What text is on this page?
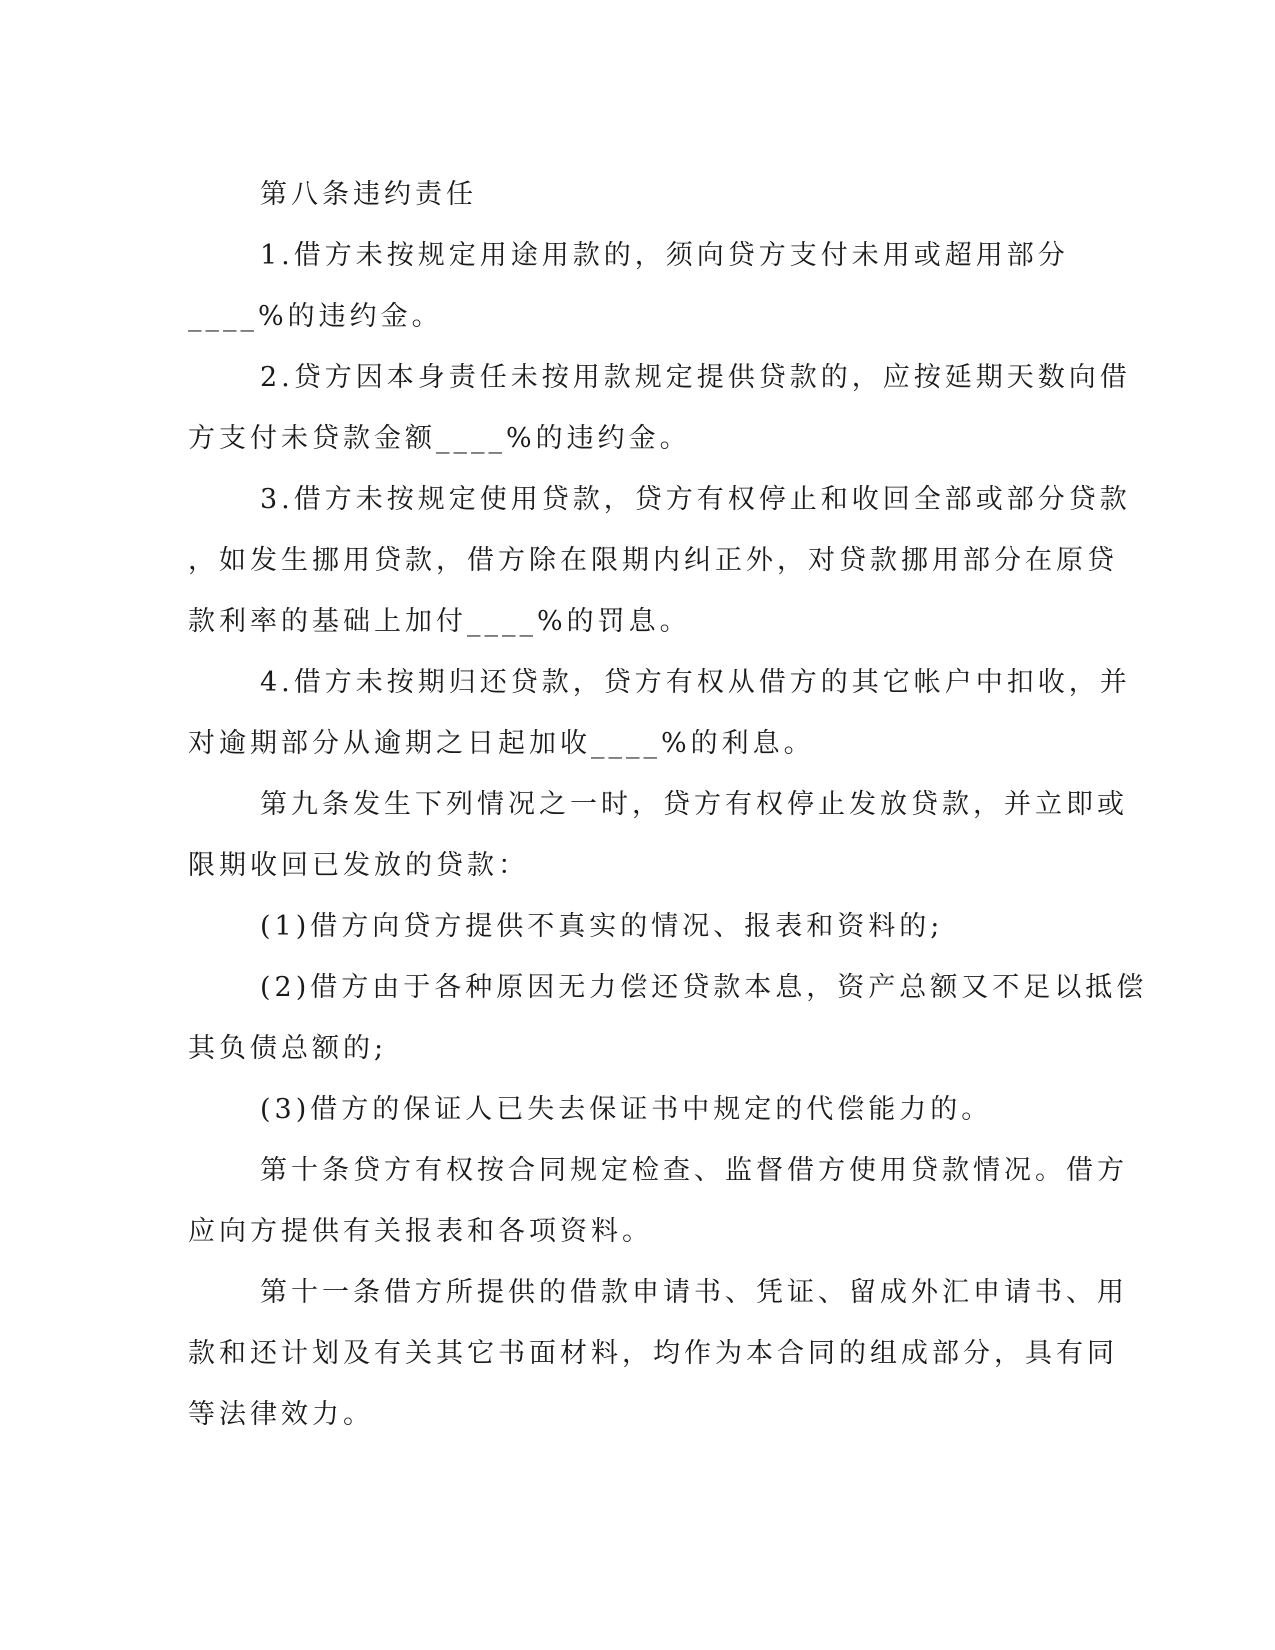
第八条违约责任
1.借方未按规定用途用款的，须向贷方支付未用或超用部分
____%的违约金。
2.贷方因本身责任未按用款规定提供贷款的，应按延期天数向借
方支付未贷款金额____%的违约金。
3.借方未按规定使用贷款，贷方有权停止和收回全部或部分贷款
，如发生挪用贷款，借方除在限期内纠正外，对贷款挪用部分在原贷
款利率的基础上加付____%的罚息。
4.借方未按期归还贷款，贷方有权从借方的其它帐户中扣收，并
对逾期部分从逾期之日起加收____%的利息。
第九条发生下列情况之一时，贷方有权停止发放贷款，并立即或
限期收回已发放的贷款：
(1)借方向贷方提供不真实的情况、报表和资料的;
(2)借方由于各种原因无力偿还贷款本息，资产总额又不足以抵偿
其负债总额的;
(3)借方的保证人已失去保证书中规定的代偿能力的。
第十条贷方有权按合同规定检查、监督借方使用贷款情况。借方
应向方提供有关报表和各项资料。
第十一条借方所提供的借款申请书、凭证、留成外汇申请书、用
款和还计划及有关其它书面材料，均作为本合同的组成部分，具有同
等法律效力。
